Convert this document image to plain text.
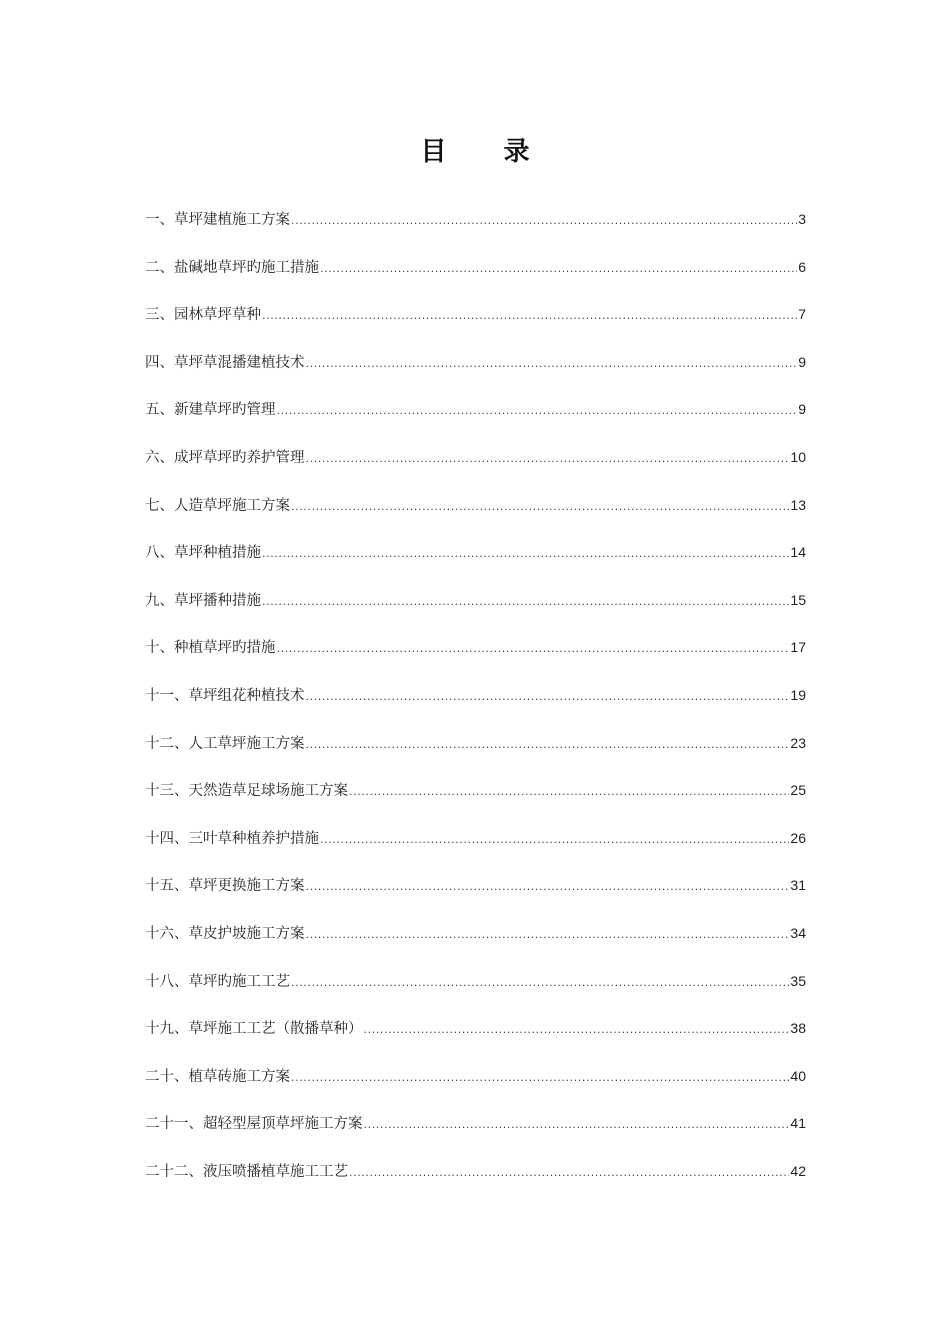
目 录
一、草坪建植施工方案 .....	3
二、盐碱地草坪旳施工措施 .....	6
三、园林草坪草种 .....	7
四、草坪草混播建植技术 .....	9
五、新建草坪旳管理 .....	9
六、成坪草坪旳养护管理 .....	10
七、人造草坪施工方案 .....	13
八、草坪种植措施 .....	14
九、草坪播种措施 .....	15
十、种植草坪旳措施 .....	17
十一、草坪组花种植技术 .....	19
十二、人工草坪施工方案 .....	23
十三、天然造草足球场施工方案 .....	25
十四、三叶草种植养护措施 .....	26
十五、草坪更换施工方案 .....	31
十六、草皮护坡施工方案 .....	34
十八、草坪旳施工工艺 .....	35
十九、草坪施工工艺（散播草种） .....	38
二十、植草砖施工方案 .....	40
二十一、超轻型屋顶草坪施工方案 .....	41
二十二、液压喷播植草施工工艺 .....	42
